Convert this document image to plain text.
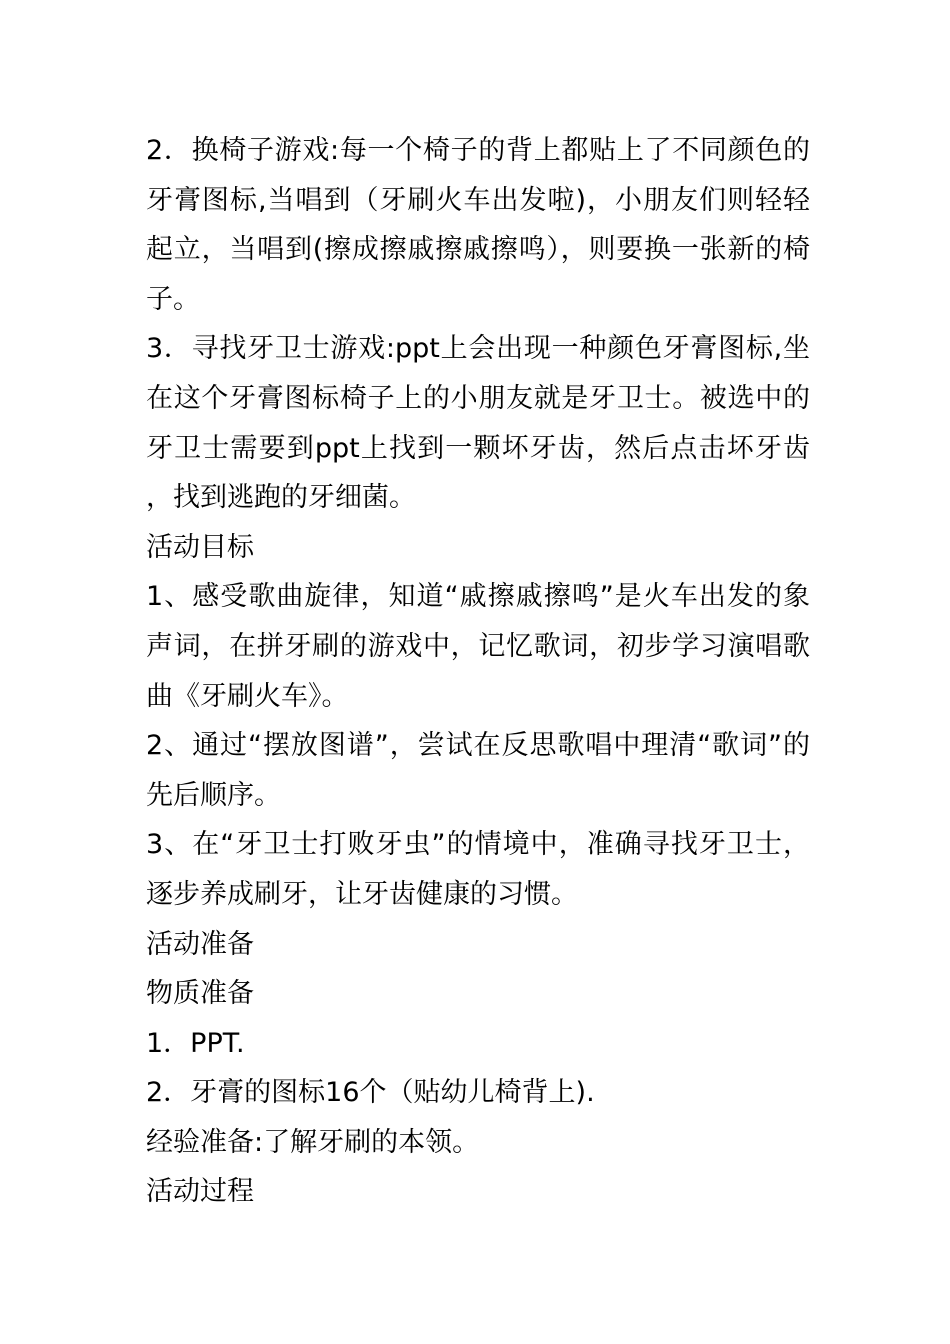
2．换椅子游戏:每一个椅子的背上都贴上了不同颜色的牙膏图标,当唱到（牙刷火车出发啦)，小朋友们则轻轻起立，当唱到(擦成擦戚擦戚擦鸣），则要换一张新的椅子。

3．寻找牙卫士游戏:ppt上会出现一种颜色牙膏图标,坐在这个牙膏图标椅子上的小朋友就是牙卫士。被选中的牙卫士需要到ppt上找到一颗坏牙齿，然后点击坏牙齿，找到逃跑的牙细菌。

活动目标

1、感受歌曲旋律，知道“戚擦戚擦鸣”是火车出发的象声词，在拼牙刷的游戏中，记忆歌词，初步学习演唱歌曲《牙刷火车》。

2、通过“摆放图谱”，尝试在反思歌唱中理清“歌词”的先后顺序。

3、在“牙卫士打败牙虫”的情境中，准确寻找牙卫士，逐步养成刷牙，让牙齿健康的习惯。

活动准备

物质准备

1．PPT.

2．牙膏的图标16个（贴幼儿椅背上).

经验准备:了解牙刷的本领。

活动过程
